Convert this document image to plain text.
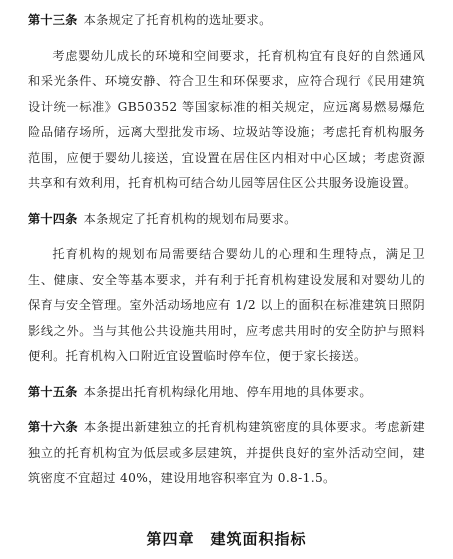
第十三条 本条规定了托育机构的选址要求。

考虑婴幼儿成长的环境和空间要求，托育机构宜有良好的自然通风和采光条件、环境安静、符合卫生和环保要求，应符合现行《民用建筑设计统一标准》GB50352 等国家标准的相关规定，应远离易燃易爆危险品储存场所，远离大型批发市场、垃圾站等设施；考虑托育机构服务范围，应便于婴幼儿接送，宜设置在居住区内相对中心区域；考虑资源共享和有效利用，托育机构可结合幼儿园等居住区公共服务设施设置。

第十四条 本条规定了托育机构的规划布局要求。

托育机构的规划布局需要结合婴幼儿的心理和生理特点，满足卫生、健康、安全等基本要求，并有利于托育机构建设发展和对婴幼儿的保育与安全管理。室外活动场地应有 1/2 以上的面积在标准建筑日照阴影线之外。当与其他公共设施共用时，应考虑共用时的安全防护与照料便利。托育机构入口附近宜设置临时停车位，便于家长接送。

第十五条 本条提出托育机构绿化用地、停车用地的具体要求。

第十六条 本条提出新建独立的托育机构建筑密度的具体要求。考虑新建独立的托育机构宜为低层或多层建筑，并提供良好的室外活动空间，建筑密度不宜超过 40%，建设用地容积率宜为 0.8-1.5。

第四章　建筑面积指标
